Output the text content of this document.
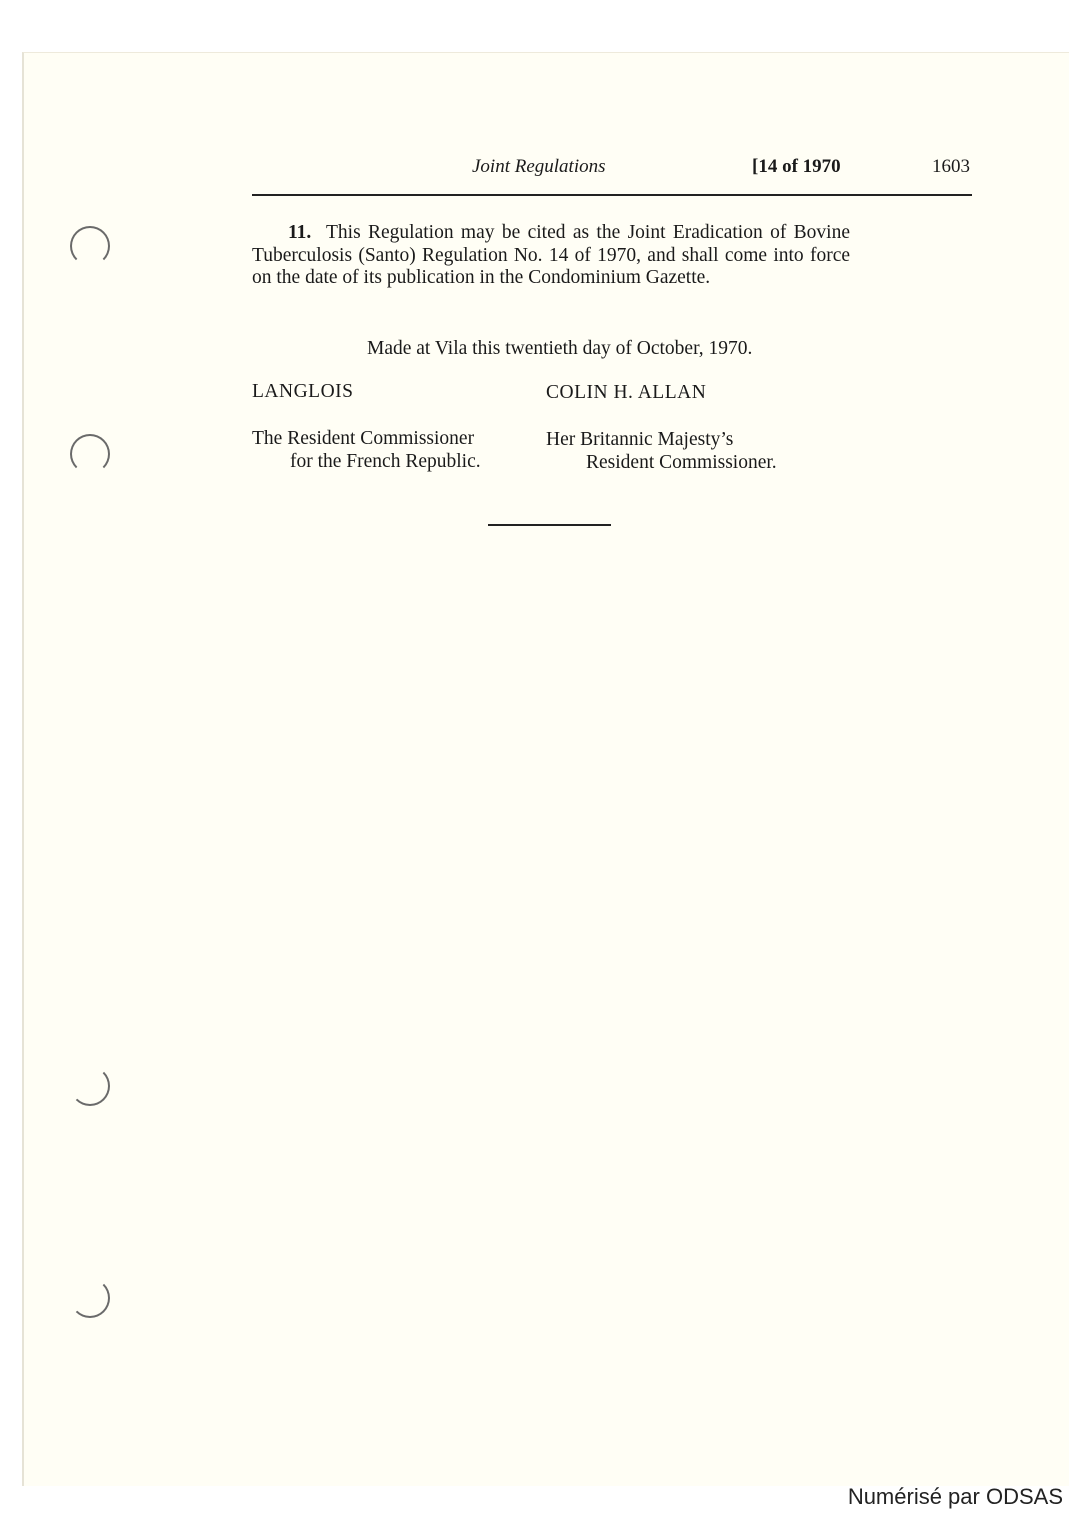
Joint Regulations	[14 of 1970	1603

11. This Regulation may be cited as the Joint Eradication of Bovine Tuberculosis (Santo) Regulation No. 14 of 1970, and shall come into force on the date of its publication in the Condominium Gazette.

Made at Vila this twentieth day of October, 1970.
LANGLOIS	COLIN H. ALLAN
The Resident Commissioner
for the French Republic.
Her Britannic Majesty’s
Resident Commissioner.
Numérisé par ODSAS
